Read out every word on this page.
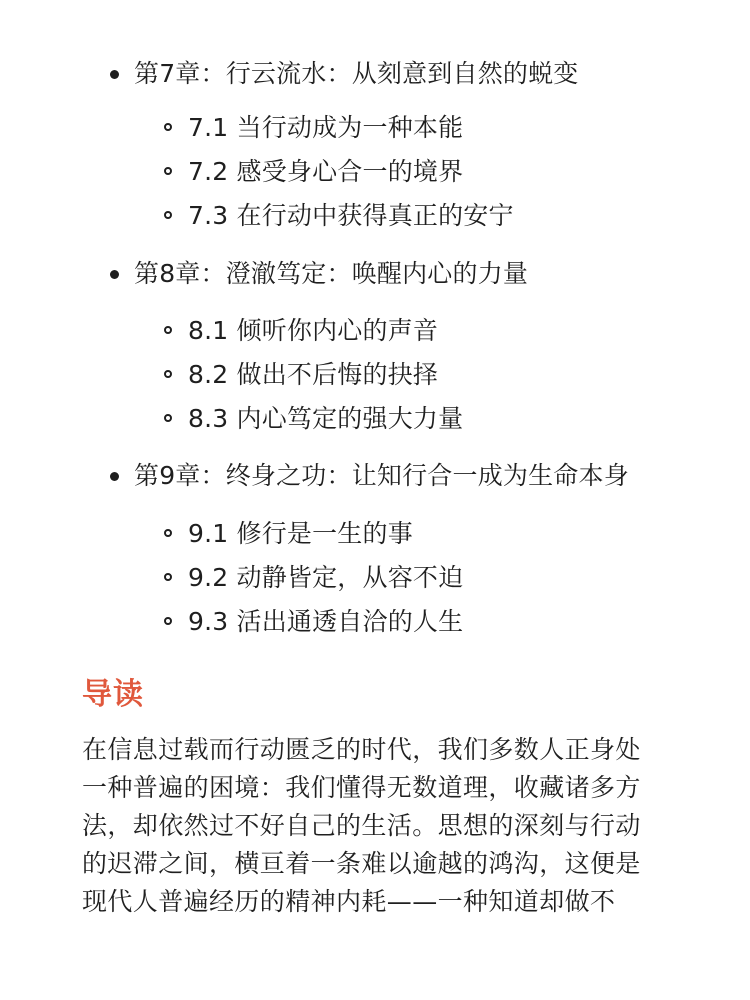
第7章：行云流水：从刻意到自然的蜕变
7.1 当行动成为一种本能
7.2 感受身心合一的境界
7.3 在行动中获得真正的安宁
第8章：澄澈笃定：唤醒内心的力量
8.1 倾听你内心的声音
8.2 做出不后悔的抉择
8.3 内心笃定的强大力量
第9章：终身之功：让知行合一成为生命本身
9.1 修行是一生的事
9.2 动静皆定，从容不迫
9.3 活出通透自洽的人生
导读
在信息过载而行动匮乏的时代，我们多数人正身处
一种普遍的困境：我们懂得无数道理，收藏诸多方
法，却依然过不好自己的生活。思想的深刻与行动
的迟滞之间，横亘着一条难以逾越的鸿沟，这便是
现代人普遍经历的精神内耗——一种知道却做不
